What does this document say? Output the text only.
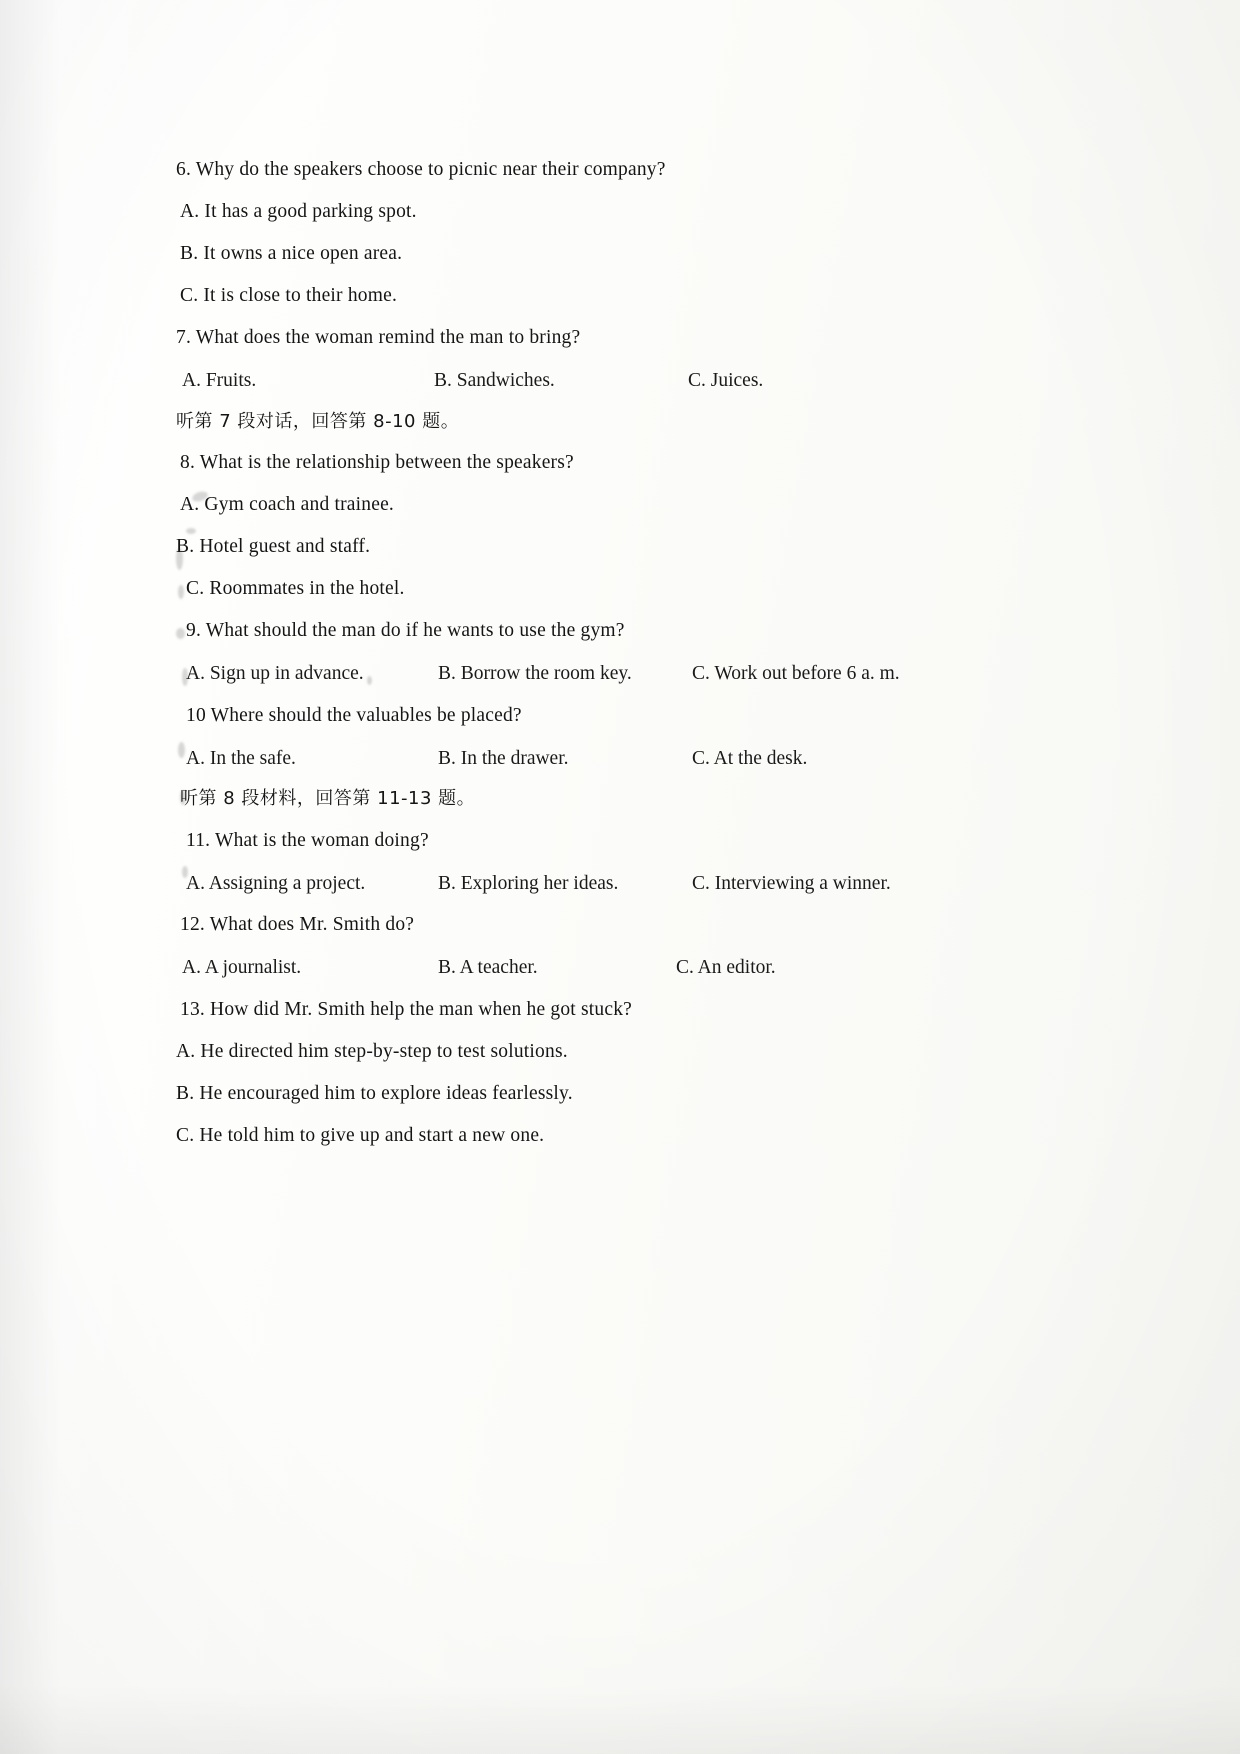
6. Why do the speakers choose to picnic near their company?

A. It has a good parking spot.

B. It owns a nice open area.

C. It is close to their home.

7. What does the woman remind the man to bring?

A. Fruits.	B. Sandwiches.	C. Juices.

听第 7 段对话，回答第 8-10 题。

8. What is the relationship between the speakers?

A. Gym coach and trainee.

B. Hotel guest and staff.

C. Roommates in the hotel.

9. What should the man do if he wants to use the gym?

A. Sign up in advance.	B. Borrow the room key.	C. Work out before 6 a. m.

10 Where should the valuables be placed?

A. In the safe.	B. In the drawer.	C. At the desk.

听第 8 段材料，回答第 11-13 题。

11. What is the woman doing?

A. Assigning a project.	B. Exploring her ideas.	C. Interviewing a winner.

12. What does Mr. Smith do?

A. A journalist.	B. A teacher.	C. An editor.

13. How did Mr. Smith help the man when he got stuck?

A. He directed him step-by-step to test solutions.

B. He encouraged him to explore ideas fearlessly.

C. He told him to give up and start a new one.
